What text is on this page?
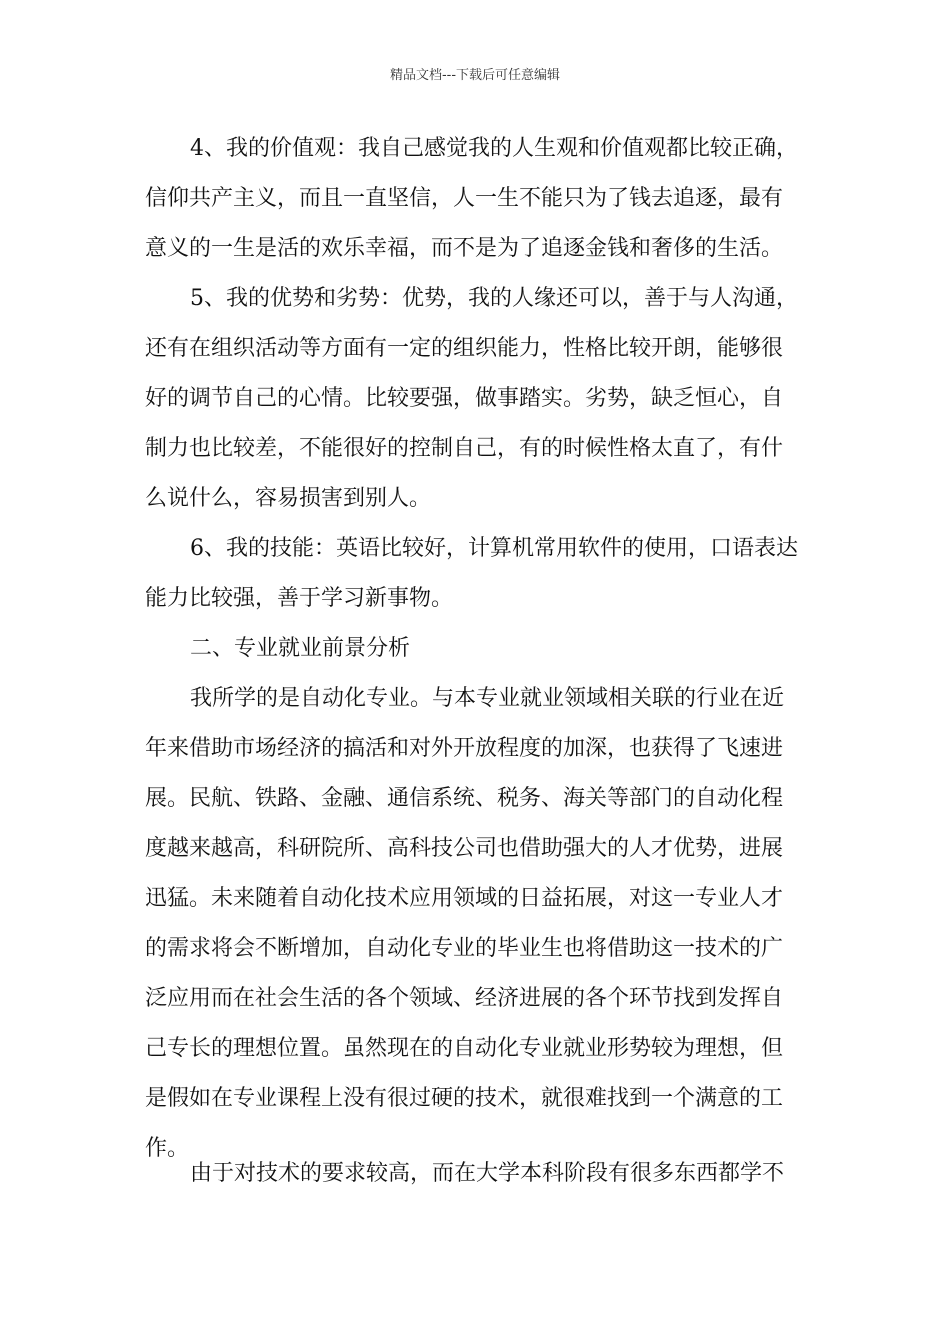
精品文档---下载后可任意编辑
4、我的价值观：我自己感觉我的人生观和价值观都比较正确，
信仰共产主义，而且一直坚信，人一生不能只为了钱去追逐，最有
意义的一生是活的欢乐幸福，而不是为了追逐金钱和奢侈的生活。
5、我的优势和劣势：优势，我的人缘还可以，善于与人沟通，
还有在组织活动等方面有一定的组织能力，性格比较开朗，能够很
好的调节自己的心情。比较要强，做事踏实。劣势，缺乏恒心，自
制力也比较差，不能很好的控制自己，有的时候性格太直了，有什
么说什么，容易损害到别人。
6、我的技能：英语比较好，计算机常用软件的使用，口语表达
能力比较强，善于学习新事物。
二、专业就业前景分析
我所学的是自动化专业。与本专业就业领域相关联的行业在近
年来借助市场经济的搞活和对外开放程度的加深，也获得了飞速进
展。民航、铁路、金融、通信系统、税务、海关等部门的自动化程
度越来越高，科研院所、高科技公司也借助强大的人才优势，进展
迅猛。未来随着自动化技术应用领域的日益拓展，对这一专业人才
的需求将会不断增加，自动化专业的毕业生也将借助这一技术的广
泛应用而在社会生活的各个领域、经济进展的各个环节找到发挥自
己专长的理想位置。虽然现在的自动化专业就业形势较为理想，但
是假如在专业课程上没有很过硬的技术，就很难找到一个满意的工
作。
由于对技术的要求较高，而在大学本科阶段有很多东西都学不
